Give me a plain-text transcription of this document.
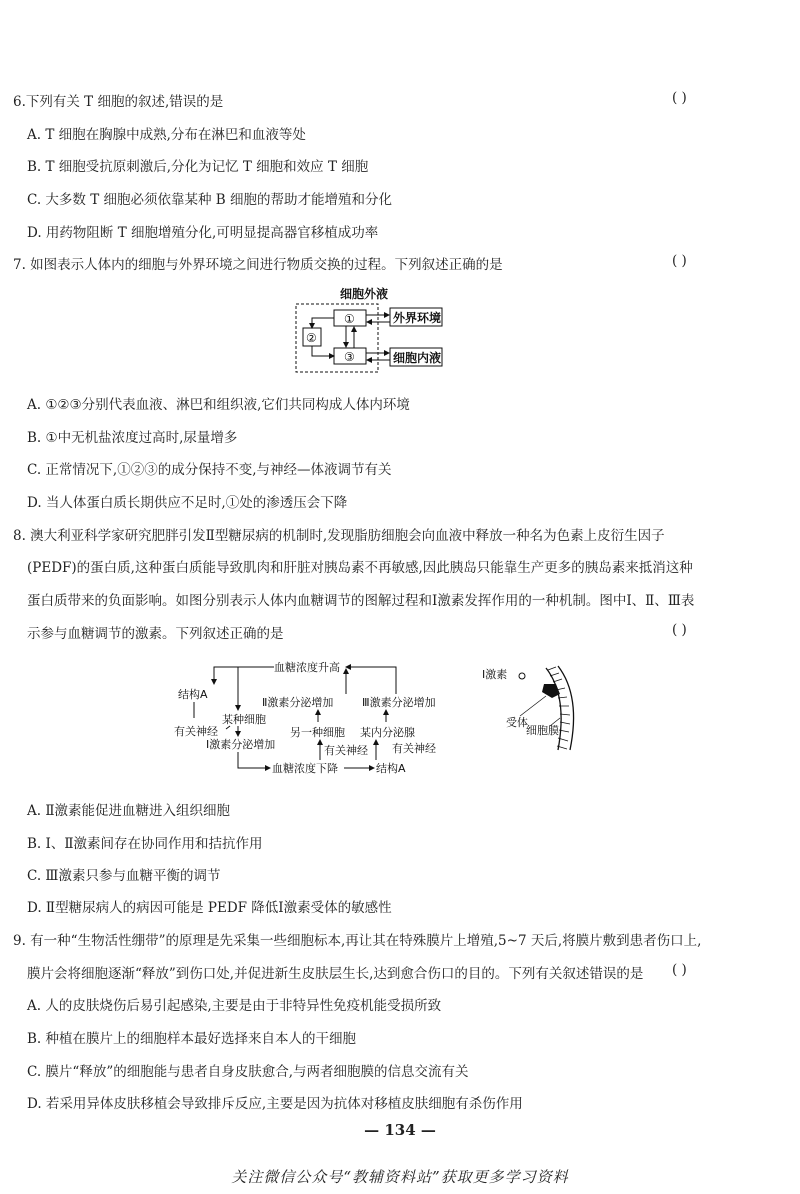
6.下列有关 T 细胞的叙述,错误的是	( )
A. T 细胞在胸腺中成熟,分布在淋巴和血液等处
B. T 细胞受抗原刺激后,分化为记忆 T 细胞和效应 T 细胞
C. 大多数 T 细胞必须依靠某种 B 细胞的帮助才能增殖和分化
D. 用药物阻断 T 细胞增殖分化,可明显提高器官移植成功率
7. 如图表示人体内的细胞与外界环境之间进行物质交换的过程。下列叙述正确的是	( )
细胞外液
①
②
③
外界环境
细胞内液
A. ①②③分别代表血液、淋巴和组织液,它们共同构成人体内环境
B. ①中无机盐浓度过高时,尿量增多
C. 正常情况下,①②③的成分保持不变,与神经—体液调节有关
D. 当人体蛋白质长期供应不足时,①处的渗透压会下降
8. 澳大利亚科学家研究肥胖引发Ⅱ型糖尿病的机制时,发现脂肪细胞会向血液中释放一种名为色素上皮衍生因子
(PEDF)的蛋白质,这种蛋白质能导致肌肉和肝脏对胰岛素不再敏感,因此胰岛只能靠生产更多的胰岛素来抵消这种
蛋白质带来的负面影响。如图分别表示人体内血糖调节的图解过程和Ⅰ激素发挥作用的一种机制。图中Ⅰ、Ⅱ、Ⅲ表
示参与血糖调节的激素。下列叙述正确的是	( )
血糖浓度升高
结构A
某种细胞
有关神经
Ⅰ激素分泌增加
血糖浓度下降	结构A
Ⅱ激素分泌增加	Ⅲ激素分泌增加
另一种细胞 某内分泌腺
有关神经 有关神经
Ⅰ激素
受体
细胞膜
A. Ⅱ激素能促进血糖进入组织细胞
B. Ⅰ、Ⅱ激素间存在协同作用和拮抗作用
C. Ⅲ激素只参与血糖平衡的调节
D. Ⅱ型糖尿病人的病因可能是 PEDF 降低Ⅰ激素受体的敏感性
9. 有一种“生物活性绷带”的原理是先采集一些细胞标本,再让其在特殊膜片上增殖,5~7 天后,将膜片敷到患者伤口上,
膜片会将细胞逐渐“释放”到伤口处,并促进新生皮肤层生长,达到愈合伤口的目的。下列有关叙述错误的是 ( )
A. 人的皮肤烧伤后易引起感染,主要是由于非特异性免疫机能受损所致
B. 种植在膜片上的细胞样本最好选择来自本人的干细胞
C. 膜片“释放”的细胞能与患者自身皮肤愈合,与两者细胞膜的信息交流有关
D. 若采用异体皮肤移植会导致排斥反应,主要是因为抗体对移植皮肤细胞有杀伤作用
— 134 —
关注微信公众号“教辅资料站”获取更多学习资料
